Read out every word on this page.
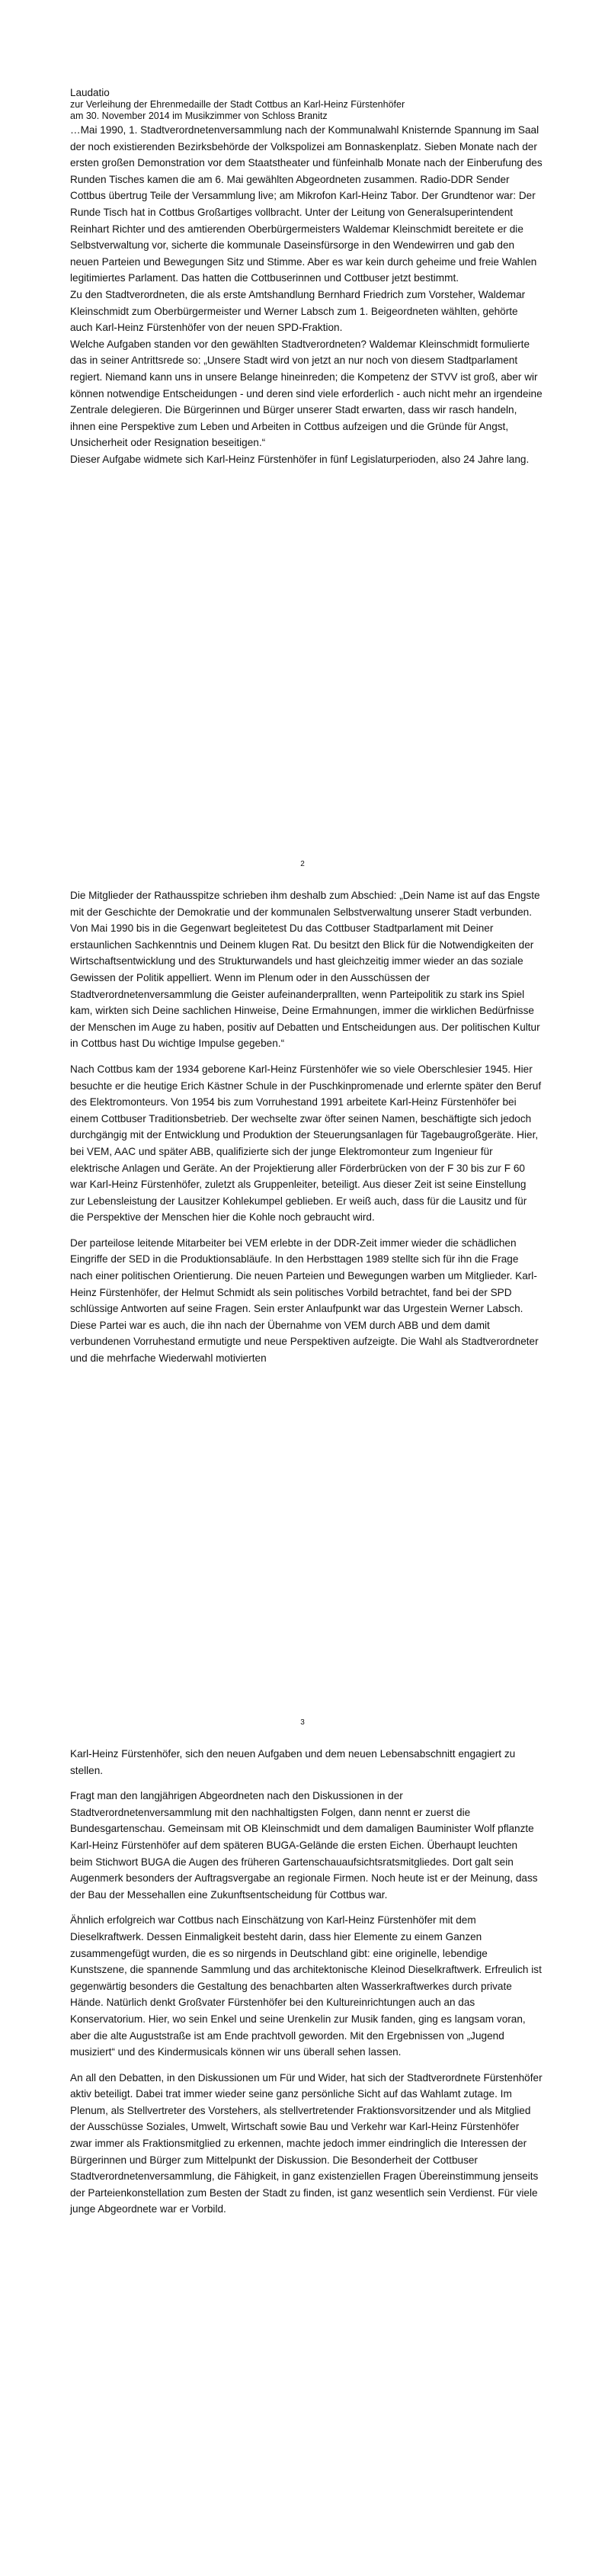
Laudatio
zur Verleihung der Ehrenmedaille der Stadt Cottbus an Karl-Heinz Fürstenhöfer
am 30. November 2014 im Musikzimmer von Schloss Branitz

…Mai 1990, 1. Stadtverordnetenversammlung nach der Kommunalwahl Knisternde Spannung im Saal der noch existierenden Bezirksbehörde der Volkspolizei am Bonnaskenplatz. Sieben Monate nach der ersten großen Demonstration vor dem Staatstheater und fünfeinhalb Monate nach der Einberufung des Runden Tisches kamen die am 6. Mai gewählten Abgeordneten zusammen. Radio-DDR Sender Cottbus übertrug Teile der Versammlung live; am Mikrofon Karl-Heinz Tabor. Der Grundtenor war: Der Runde Tisch hat in Cottbus Großartiges vollbracht. Unter der Leitung von Generalsuperintendent Reinhart Richter und des amtierenden Oberbürgermeisters Waldemar Kleinschmidt bereitete er die Selbstverwaltung vor, sicherte die kommunale Daseinsfürsorge in den Wendewirren und gab den neuen Parteien und Bewegungen Sitz und Stimme. Aber es war kein durch geheime und freie Wahlen legitimiertes Parlament. Das hatten die Cottbuserinnen und Cottbuser jetzt bestimmt.

Zu den Stadtverordneten, die als erste Amtshandlung Bernhard Friedrich zum Vorsteher, Waldemar Kleinschmidt zum Oberbürgermeister und Werner Labsch zum 1. Beigeordneten wählten, gehörte auch Karl-Heinz Fürstenhöfer von der neuen SPD-Fraktion.

Welche Aufgaben standen vor den gewählten Stadtverordneten? Waldemar Kleinschmidt formulierte das in seiner Antrittsrede so: „Unsere Stadt wird von jetzt an nur noch von diesem Stadtparlament regiert. Niemand kann uns in unsere Belange hineinreden; die Kompetenz der STVV ist groß, aber wir können notwendige Entscheidungen - und deren sind viele erforderlich - auch nicht mehr an irgendeine Zentrale delegieren. Die Bürgerinnen und Bürger unserer Stadt erwarten, dass wir rasch handeln, ihnen eine Perspektive zum Leben und Arbeiten in Cottbus aufzeigen und die Gründe für Angst, Unsicherheit oder Resignation beseitigen.“

Dieser Aufgabe widmete sich Karl-Heinz Fürstenhöfer in fünf Legislaturperioden, also 24 Jahre lang.

2

Die Mitglieder der Rathausspitze schrieben ihm deshalb zum Abschied: „Dein Name ist auf das Engste mit der Geschichte der Demokratie und der kommunalen Selbstverwaltung unserer Stadt verbunden. Von Mai 1990 bis in die Gegenwart begleitetest Du das Cottbuser Stadtparlament mit Deiner erstaunlichen Sachkenntnis und Deinem klugen Rat. Du besitzt den Blick für die Notwendigkeiten der Wirtschaftsentwicklung und des Strukturwandels und hast gleichzeitig immer wieder an das soziale Gewissen der Politik appelliert. Wenn im Plenum oder in den Ausschüssen der Stadtverordnetenversammlung die Geister aufeinanderprallten, wenn Parteipolitik zu stark ins Spiel kam, wirkten sich Deine sachlichen Hinweise, Deine Ermahnungen, immer die wirklichen Bedürfnisse der Menschen im Auge zu haben, positiv auf Debatten und Entscheidungen aus. Der politischen Kultur in Cottbus hast Du wichtige Impulse gegeben.“

Nach Cottbus kam der 1934 geborene Karl-Heinz Fürstenhöfer wie so viele Oberschlesier 1945. Hier besuchte er die heutige Erich Kästner Schule in der Puschkinpromenade und erlernte später den Beruf des Elektromonteurs. Von 1954 bis zum Vorruhestand 1991 arbeitete Karl-Heinz Fürstenhöfer bei einem Cottbuser Traditionsbetrieb. Der wechselte zwar öfter seinen Namen, beschäftigte sich jedoch durchgängig mit der Entwicklung und Produktion der Steuerungsanlagen für Tagebaugroßgeräte. Hier, bei VEM, AAC und später ABB, qualifizierte sich der junge Elektromonteur zum Ingenieur für elektrische Anlagen und Geräte. An der Projektierung aller Förderbrücken von der F 30 bis zur F 60 war Karl-Heinz Fürstenhöfer, zuletzt als Gruppenleiter, beteiligt. Aus dieser Zeit ist seine Einstellung zur Lebensleistung der Lausitzer Kohlekumpel geblieben. Er weiß auch, dass für die Lausitz und für die Perspektive der Menschen hier die Kohle noch gebraucht wird.

Der parteilose leitende Mitarbeiter bei VEM erlebte in der DDR-Zeit immer wieder die schädlichen Eingriffe der SED in die Produktionsabläufe. In den Herbsttagen 1989 stellte sich für ihn die Frage nach einer politischen Orientierung. Die neuen Parteien und Bewegungen warben um Mitglieder. Karl-Heinz Fürstenhöfer, der Helmut Schmidt als sein politisches Vorbild betrachtet, fand bei der SPD schlüssige Antworten auf seine Fragen. Sein erster Anlaufpunkt war das Urgestein Werner Labsch. Diese Partei war es auch, die ihn nach der Übernahme von VEM durch ABB und dem damit verbundenen Vorruhestand ermutigte und neue Perspektiven aufzeigte. Die Wahl als Stadtverordneter und die mehrfache Wiederwahl motivierten

3

Karl-Heinz Fürstenhöfer, sich den neuen Aufgaben und dem neuen Lebensabschnitt engagiert zu stellen.

Fragt man den langjährigen Abgeordneten nach den Diskussionen in der Stadtverordnetenversammlung mit den nachhaltigsten Folgen, dann nennt er zuerst die Bundesgartenschau. Gemeinsam mit OB Kleinschmidt und dem damaligen Bauminister Wolf pflanzte Karl-Heinz Fürstenhöfer auf dem späteren BUGA-Gelände die ersten Eichen. Überhaupt leuchten beim Stichwort BUGA die Augen des früheren Gartenschauaufsichtsratsmitgliedes. Dort galt sein Augenmerk besonders der Auftragsvergabe an regionale Firmen. Noch heute ist er der Meinung, dass der Bau der Messehallen eine Zukunftsentscheidung für Cottbus war.

Ähnlich erfolgreich war Cottbus nach Einschätzung von Karl-Heinz Fürstenhöfer mit dem Dieselkraftwerk. Dessen Einmaligkeit besteht darin, dass hier Elemente zu einem Ganzen zusammengefügt wurden, die es so nirgends in Deutschland gibt: eine originelle, lebendige Kunstszene, die spannende Sammlung und das architektonische Kleinod Dieselkraftwerk. Erfreulich ist gegenwärtig besonders die Gestaltung des benachbarten alten Wasserkraftwerkes durch private Hände. Natürlich denkt Großvater Fürstenhöfer bei den Kultureinrichtungen auch an das Konservatorium. Hier, wo sein Enkel und seine Urenkelin zur Musik fanden, ging es langsam voran, aber die alte Auguststraße ist am Ende prachtvoll geworden. Mit den Ergebnissen von „Jugend musiziert“ und des Kindermusicals können wir uns überall sehen lassen.

An all den Debatten, in den Diskussionen um Für und Wider, hat sich der Stadtverordnete Fürstenhöfer aktiv beteiligt. Dabei trat immer wieder seine ganz persönliche Sicht auf das Wahlamt zutage. Im Plenum, als Stellvertreter des Vorstehers, als stellvertretender Fraktionsvorsitzender und als Mitglied der Ausschüsse Soziales, Umwelt, Wirtschaft sowie Bau und Verkehr war Karl-Heinz Fürstenhöfer zwar immer als Fraktionsmitglied zu erkennen, machte jedoch immer eindringlich die Interessen der Bürgerinnen und Bürger zum Mittelpunkt der Diskussion. Die Besonderheit der Cottbuser Stadtverordnetenversammlung, die Fähigkeit, in ganz existenziellen Fragen Übereinstimmung jenseits der Parteienkonstellation zum Besten der Stadt zu finden, ist ganz wesentlich sein Verdienst. Für viele junge Abgeordnete war er Vorbild.
